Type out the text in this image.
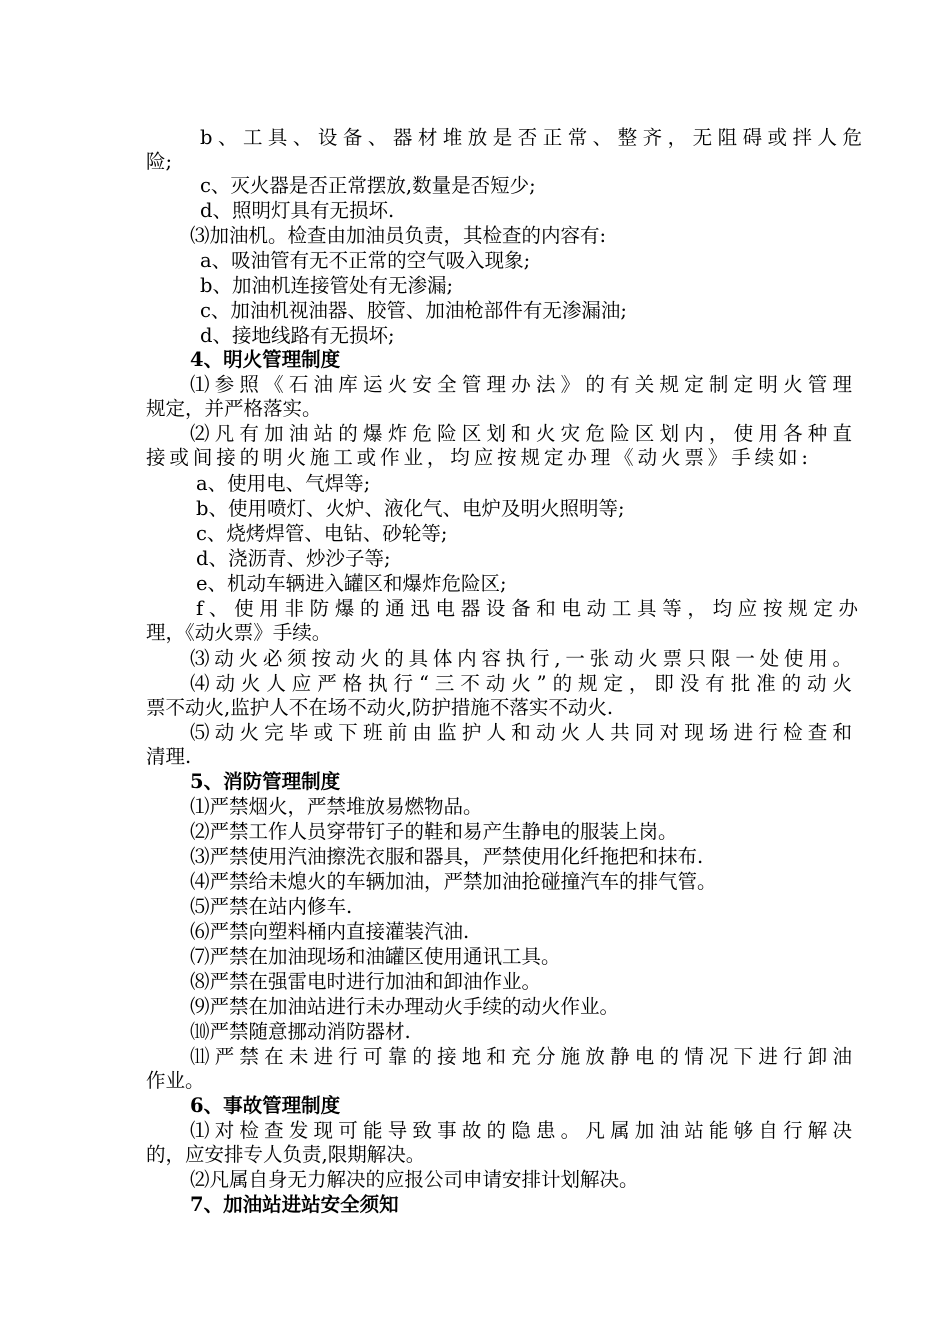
b、工具、设备、器材堆放是否正常、整齐，无阻碍或拌人危
险;
c、灭火器是否正常摆放,数量是否短少;
d、照明灯具有无损坏.
⑶加油机。检查由加油员负责，其检查的内容有:
a、吸油管有无不正常的空气吸入现象;
b、加油机连接管处有无渗漏;
c、加油机视油器、胶管、加油枪部件有无渗漏油;
d、接地线路有无损坏;
4、明火管理制度
⑴参照《石油库运火安全管理办法》的有关规定制定明火管理
规定，并严格落实。
⑵凡有加油站的爆炸危险区划和火灾危险区划内，使用各种直
接或间接的明火施工或作业，均应按规定办理《动火票》手续如:
a、使用电、气焊等;
b、使用喷灯、火炉、液化气、电炉及明火照明等;
c、烧烤焊管、电钻、砂轮等;
d、浇沥青、炒沙子等;
e、机动车辆进入罐区和爆炸危险区;
f、使用非防爆的通迅电器设备和电动工具等，均应按规定办
理，《动火票》手续。
⑶动火必须按动火的具体内容执行,一张动火票只限一处使用。
⑷动火人应严格执行“三不动火”的规定，即没有批准的动火
票不动火,监护人不在场不动火,防护措施不落实不动火.
⑸动火完毕或下班前由监护人和动火人共同对现场进行检查和
清理.
5、消防管理制度
⑴严禁烟火，严禁堆放易燃物品。
⑵严禁工作人员穿带钉子的鞋和易产生静电的服装上岗。
⑶严禁使用汽油擦洗衣服和器具，严禁使用化纤拖把和抹布.
⑷严禁给未熄火的车辆加油，严禁加油抢碰撞汽车的排气管。
⑸严禁在站内修车.
⑹严禁向塑料桶内直接灌装汽油.
⑺严禁在加油现场和油罐区使用通讯工具。
⑻严禁在强雷电时进行加油和卸油作业。
⑼严禁在加油站进行未办理动火手续的动火作业。
⑽严禁随意挪动消防器材.
⑾严禁在未进行可靠的接地和充分施放静电的情况下进行卸油
作业。
6、事故管理制度
⑴对检查发现可能导致事故的隐患。凡属加油站能够自行解决
的，应安排专人负责,限期解决。
⑵凡属自身无力解决的应报公司申请安排计划解决。
7、加油站进站安全须知
